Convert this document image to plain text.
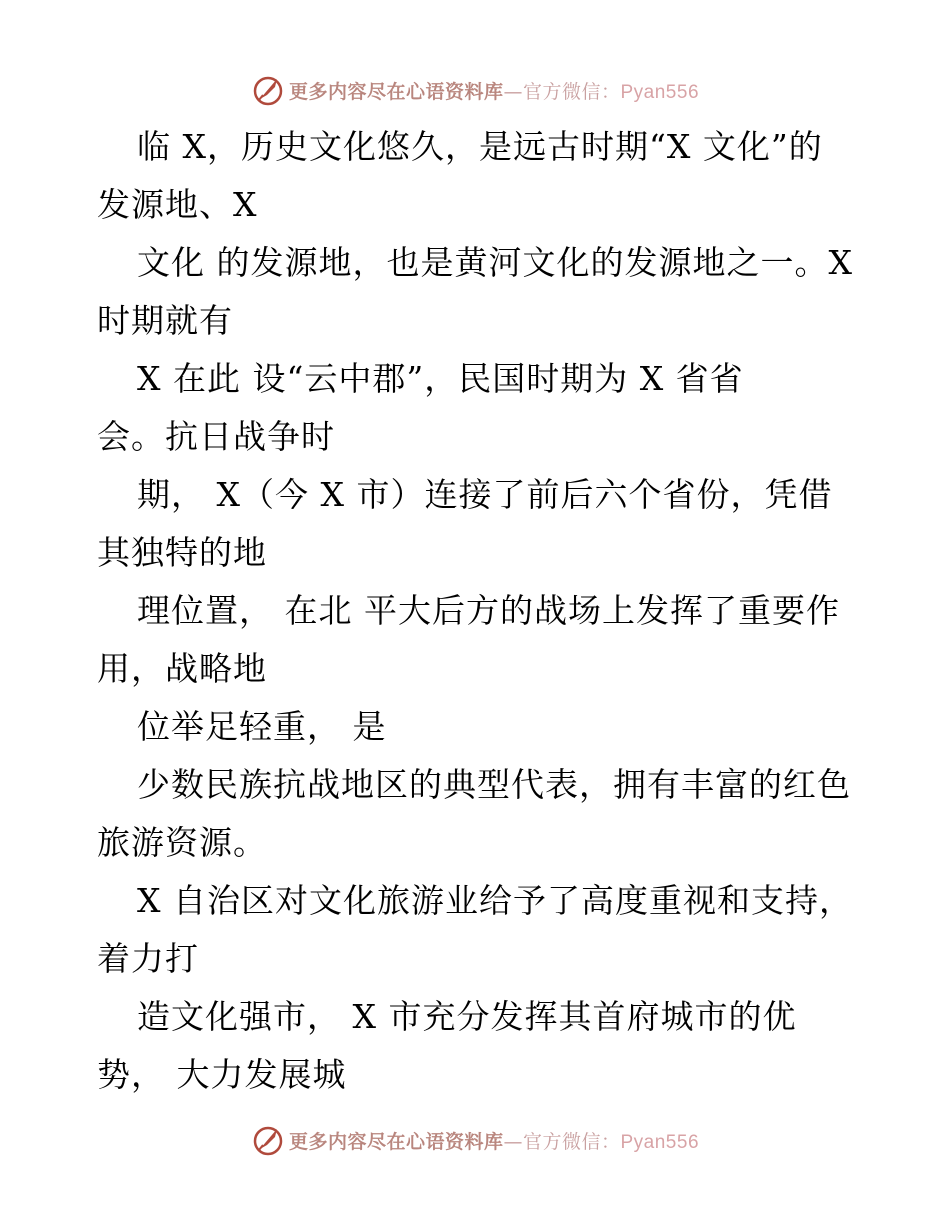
更多内容尽在心语资料库—官方微信：Pyan556
临 X，历史文化悠久，是远古时期“X 文化”的
发源地、X
文化 的发源地，也是黄河文化的发源地之一。X
时期就有
X 在此 设“云中郡”，民国时期为 X 省省
会。抗日战争时
期， X（今 X 市）连接了前后六个省份，凭借
其独特的地
理位置， 在北 平大后方的战场上发挥了重要作
用，战略地
位举足轻重， 是
少数民族抗战地区的典型代表，拥有丰富的红色
旅游资源。
X 自治区对文化旅游业给予了高度重视和支持，
着力打
造文化强市， X 市充分发挥其首府城市的优
势， 大力发展城
更多内容尽在心语资料库—官方微信：Pyan556
